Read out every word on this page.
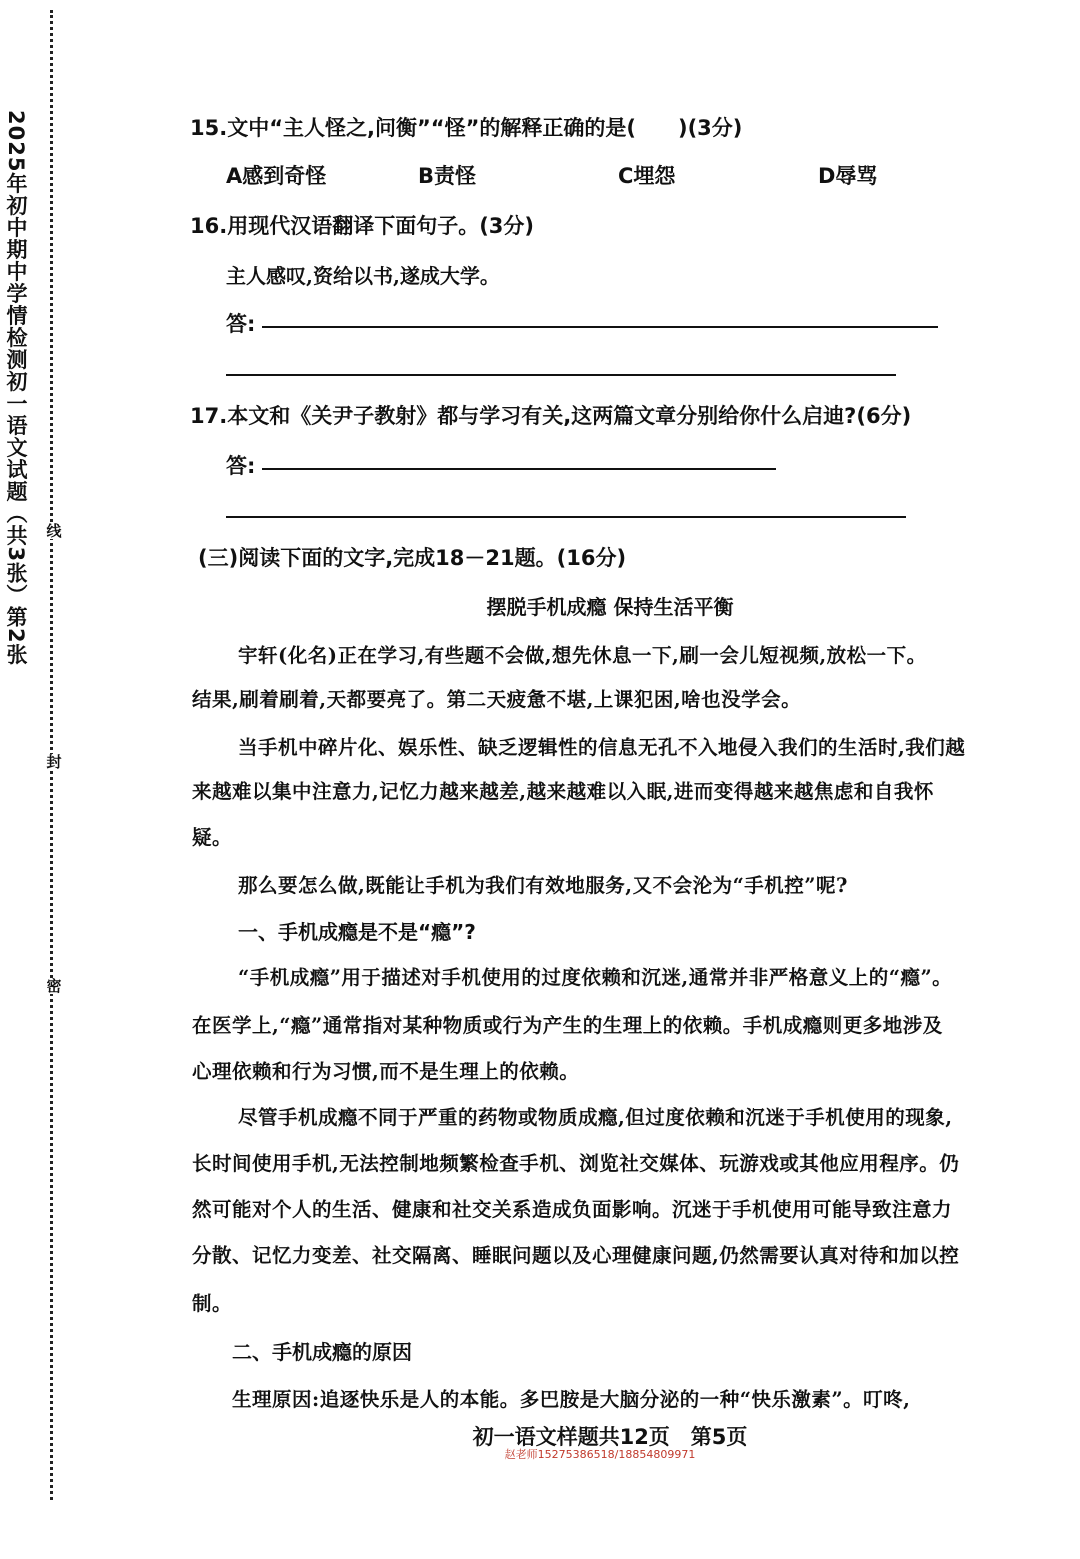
2025年初中期中学情检测初一语文试题（共3张）第2张 线
封
密
15.文中“主人怪之,问衡”“怪”的解释正确的是(　　)(3分)
A感到奇怪	B责怪	C埋怨	D辱骂
16.用现代汉语翻译下面句子。(3分)
主人感叹,资给以书,遂成大学。
答:
17.本文和《关尹子教射》都与学习有关,这两篇文章分别给你什么启迪?(6分)
答:
(三)阅读下面的文字,完成18－21题。(16分)
摆脱手机成瘾 保持生活平衡
宇轩(化名)正在学习,有些题不会做,想先休息一下,刷一会儿短视频,放松一下。
结果,刷着刷着,天都要亮了。第二天疲惫不堪,上课犯困,啥也没学会。
当手机中碎片化、娱乐性、缺乏逻辑性的信息无孔不入地侵入我们的生活时,我们越
来越难以集中注意力,记忆力越来越差,越来越难以入眠,进而变得越来越焦虑和自我怀
疑。
那么要怎么做,既能让手机为我们有效地服务,又不会沦为“手机控”呢?
一、手机成瘾是不是“瘾”?
“手机成瘾”用于描述对手机使用的过度依赖和沉迷,通常并非严格意义上的“瘾”。
在医学上,“瘾”通常指对某种物质或行为产生的生理上的依赖。手机成瘾则更多地涉及
心理依赖和行为习惯,而不是生理上的依赖。
尽管手机成瘾不同于严重的药物或物质成瘾,但过度依赖和沉迷于手机使用的现象,
长时间使用手机,无法控制地频繁检查手机、浏览社交媒体、玩游戏或其他应用程序。仍
然可能对个人的生活、健康和社交关系造成负面影响。沉迷于手机使用可能导致注意力
分散、记忆力变差、社交隔离、睡眠问题以及心理健康问题,仍然需要认真对待和加以控
制。
二、手机成瘾的原因
生理原因:追逐快乐是人的本能。多巴胺是大脑分泌的一种“快乐激素”。叮咚,
初一语文样题共12页　第5页
赵老师15275386518/18854809971
